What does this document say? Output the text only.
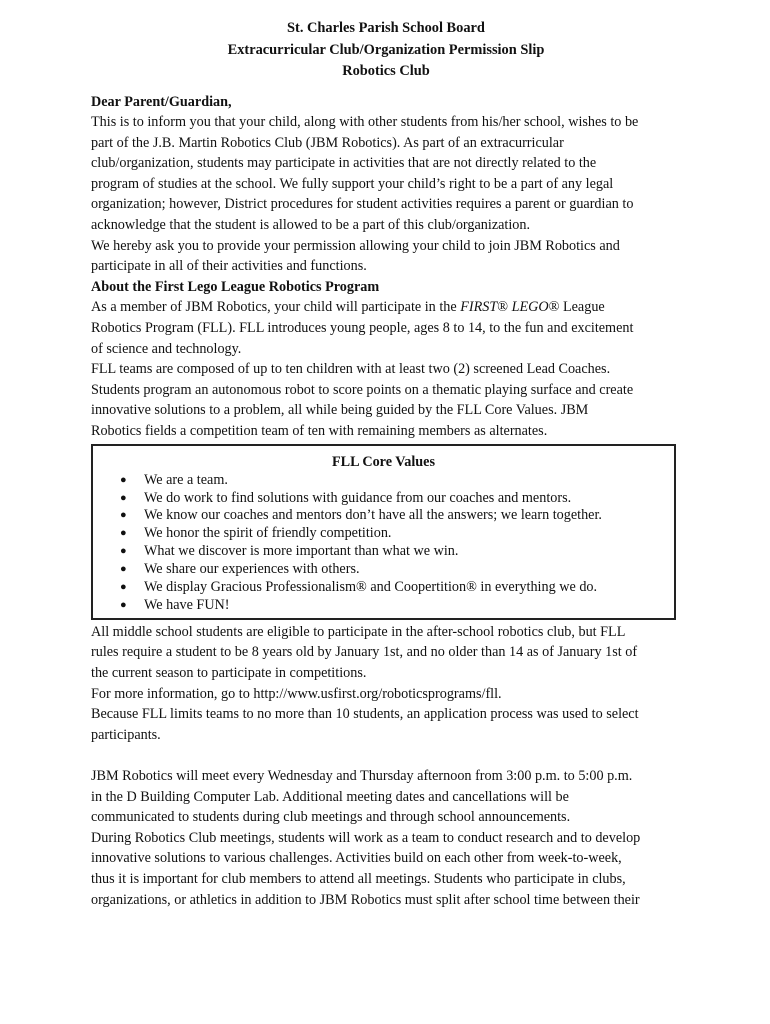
St. Charles Parish School Board
Extracurricular Club/Organization Permission Slip
Robotics Club

Dear Parent/Guardian,

This is to inform you that your child, along with other students from his/her school, wishes to be

part of the J.B. Martin Robotics Club (JBM Robotics). As part of an extracurricular

club/organization, students may participate in activities that are not directly related to the

program of studies at the school. We fully support your child’s right to be a part of any legal

organization; however, District procedures for student activities requires a parent or guardian to

acknowledge that the student is allowed to be a part of this club/organization.

We hereby ask you to provide your permission allowing your child to join JBM Robotics and

participate in all of their activities and functions.

About the First Lego League Robotics Program

As a member of JBM Robotics, your child will participate in the FIRST® LEGO® League

Robotics Program (FLL). FLL introduces young people, ages 8 to 14, to the fun and excitement

of science and technology.

FLL teams are composed of up to ten children with at least two (2) screened Lead Coaches.

Students program an autonomous robot to score points on a thematic playing surface and create

innovative solutions to a problem, all while being guided by the FLL Core Values. JBM

Robotics fields a competition team of ten with remaining members as alternates.

FLL Core Values
● We are a team.
● We do work to find solutions with guidance from our coaches and mentors.
● We know our coaches and mentors don’t have all the answers; we learn together.
● We honor the spirit of friendly competition.
● What we discover is more important than what we win.
● We share our experiences with others.
● We display Gracious Professionalism® and Coopertition® in everything we do.
● We have FUN!

All middle school students are eligible to participate in the after-school robotics club, but FLL

rules require a student to be 8 years old by January 1st, and no older than 14 as of January 1st of

the current season to participate in competitions.

For more information, go to http://www.usfirst.org/roboticsprograms/fll.

Because FLL limits teams to no more than 10 students, an application process was used to select

participants.

JBM Robotics will meet every Wednesday and Thursday afternoon from 3:00 p.m. to 5:00 p.m.

in the D Building Computer Lab. Additional meeting dates and cancellations will be

communicated to students during club meetings and through school announcements.

During Robotics Club meetings, students will work as a team to conduct research and to develop

innovative solutions to various challenges. Activities build on each other from week-to-week,

thus it is important for club members to attend all meetings. Students who participate in clubs,

organizations, or athletics in addition to JBM Robotics must split after school time between their
